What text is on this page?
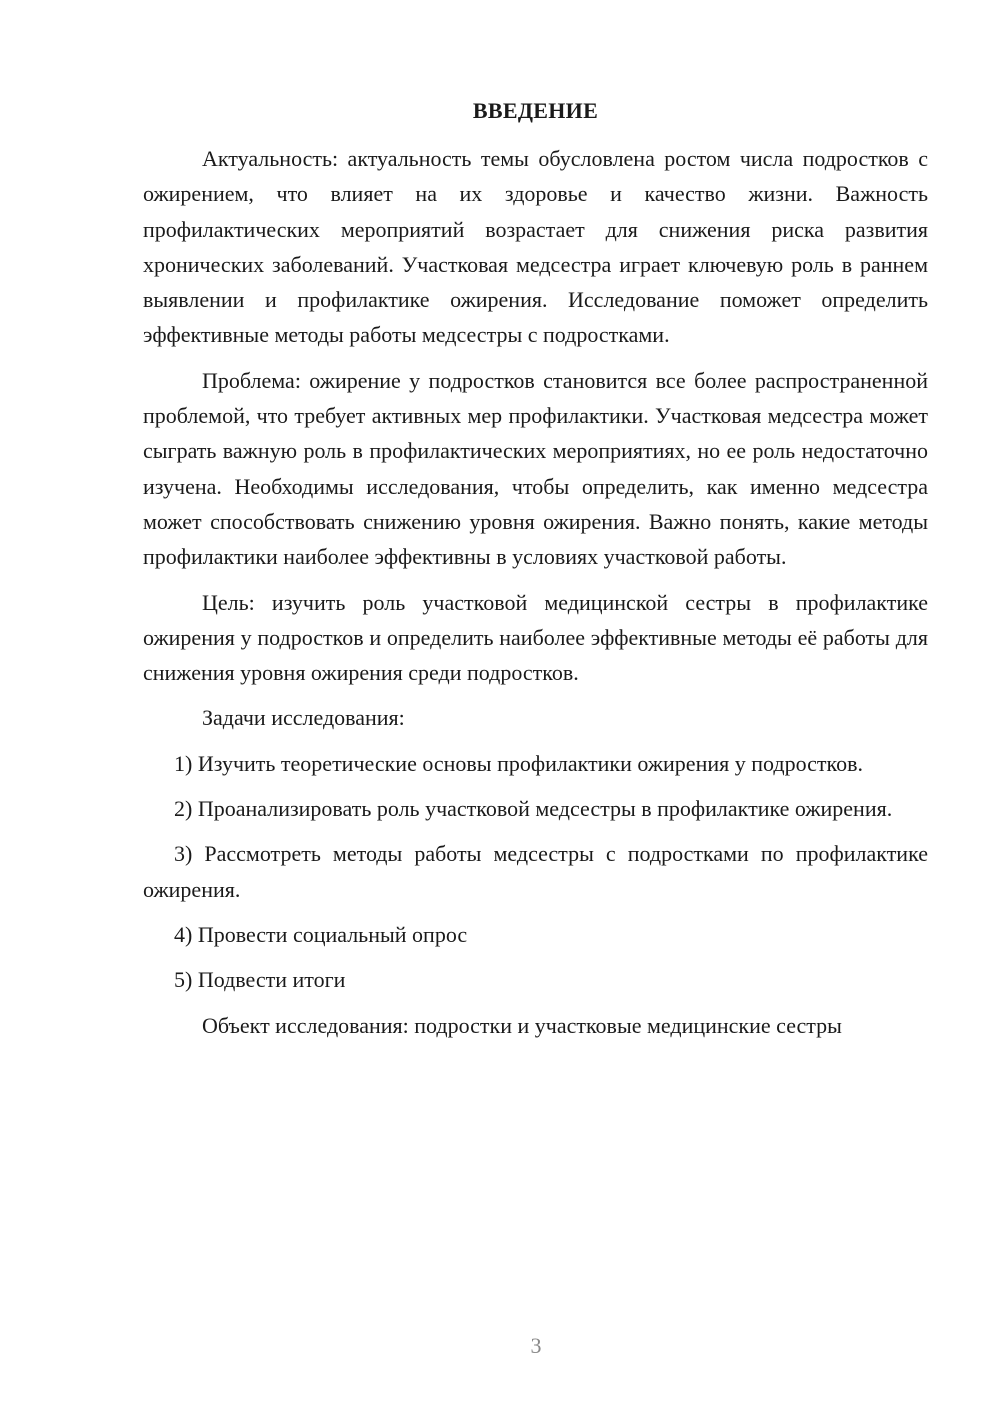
ВВЕДЕНИЕ

Актуальность: актуальность темы обусловлена ростом числа подростков с ожирением, что влияет на их здоровье и качество жизни. Важность профилактических мероприятий возрастает для снижения риска развития хронических заболеваний. Участковая медсестра играет ключевую роль в раннем выявлении и профилактике ожирения. Исследование поможет определить эффективные методы работы медсестры с подростками.

Проблема: ожирение у подростков становится все более распространенной проблемой, что требует активных мер профилактики. Участковая медсестра может сыграть важную роль в профилактических мероприятиях, но ее роль недостаточно изучена. Необходимы исследования, чтобы определить, как именно медсестра может способствовать снижению уровня ожирения. Важно понять, какие методы профилактики наиболее эффективны в условиях участковой работы.

Цель: изучить роль участковой медицинской сестры в профилактике ожирения у подростков и определить наиболее эффективные методы её работы для снижения уровня ожирения среди подростков.

Задачи исследования:

1) Изучить теоретические основы профилактики ожирения у подростков.

2) Проанализировать роль участковой медсестры в профилактике ожирения.

3) Рассмотреть методы работы медсестры с подростками по профилактике ожирения.

4) Провести социальный опрос

5) Подвести итоги

Объект исследования: подростки и участковые медицинские сестры

3
